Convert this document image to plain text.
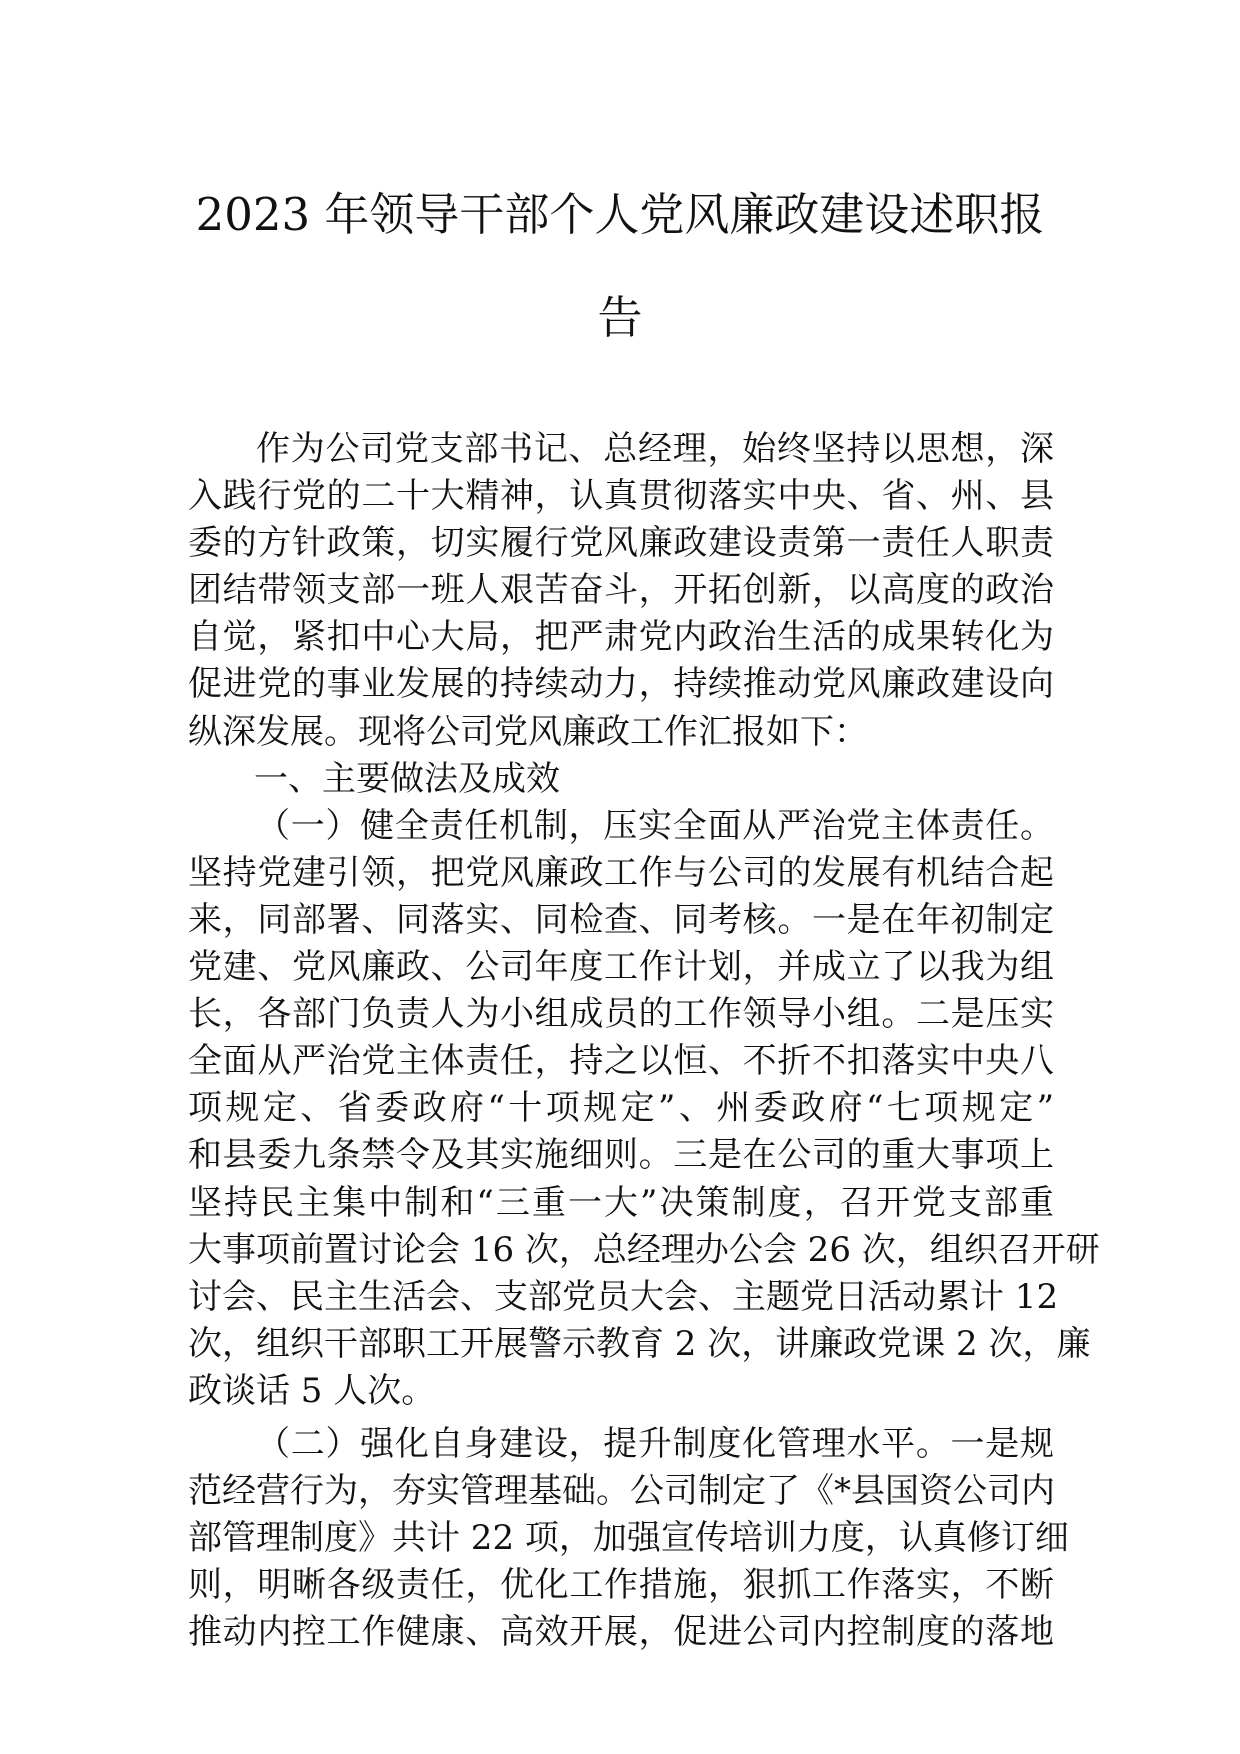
2023 年领导干部个人党风廉政建设述职报
告
作为公司党支部书记、总经理，始终坚持以思想，深
入践行党的二十大精神，认真贯彻落实中央、省、州、县
委的方针政策，切实履行党风廉政建设责第一责任人职责
团结带领支部一班人艰苦奋斗，开拓创新，以高度的政治
自觉，紧扣中心大局，把严肃党内政治生活的成果转化为
促进党的事业发展的持续动力，持续推动党风廉政建设向
纵深发展。现将公司党风廉政工作汇报如下：
一、主要做法及成效
（一）健全责任机制，压实全面从严治党主体责任。
坚持党建引领，把党风廉政工作与公司的发展有机结合起
来，同部署、同落实、同检查、同考核。一是在年初制定
党建、党风廉政、公司年度工作计划，并成立了以我为组
长，各部门负责人为小组成员的工作领导小组。二是压实
全面从严治党主体责任，持之以恒、不折不扣落实中央八
项规定、省委政府“十项规定”、州委政府“七项规定”
和县委九条禁令及其实施细则。三是在公司的重大事项上
坚持民主集中制和“三重一大”决策制度，召开党支部重
大事项前置讨论会 16 次，总经理办公会 26 次，组织召开研
讨会、民主生活会、支部党员大会、主题党日活动累计 12
次，组织干部职工开展警示教育 2 次，讲廉政党课 2 次，廉
政谈话 5 人次。
（二）强化自身建设，提升制度化管理水平。一是规
范经营行为，夯实管理基础。公司制定了《*县国资公司内
部管理制度》共计 22 项，加强宣传培训力度，认真修订细
则，明晰各级责任，优化工作措施，狠抓工作落实，不断
推动内控工作健康、高效开展，促进公司内控制度的落地
